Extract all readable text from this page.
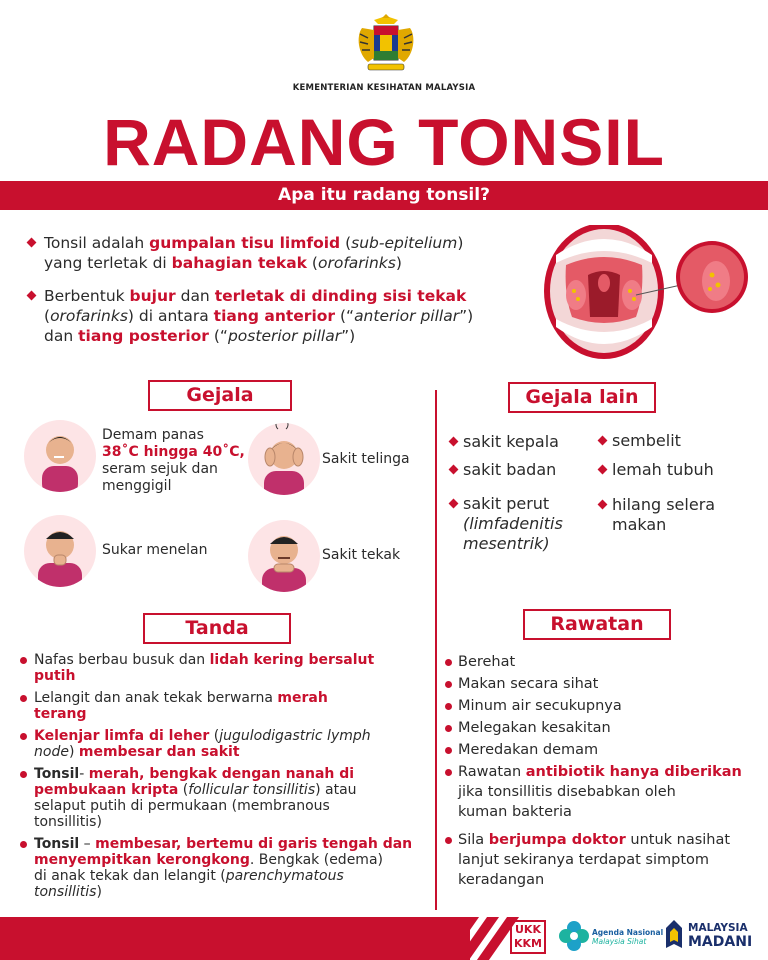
KEMENTERIAN KESIHATAN MALAYSIA
RADANG TONSIL
Apa itu radang tonsil?
Tonsil adalah gumpalan tisu limfoid (sub-epitelium)
yang terletak di bahagian tekak (orofarinks)
Berbentuk bujur dan terletak di dinding sisi tekak
(orofarinks) di antara tiang anterior (“anterior pillar”)
dan tiang posterior (“posterior pillar”)
Gejala	Gejala lain
Demam panas
38˚C hingga 40˚C,
seram sejuk dan
menggigil
Sakit telinga
Sukar menelan	Sakit tekak
sakit kepala
sakit badan
sakit perut
(limfadenitis
mesentrik)
sembelit
lemah tubuh
hilang selera
makan
Tanda
Nafas berbau busuk dan lidah kering bersalut
putih
Lelangit dan anak tekak berwarna merah
terang
Kelenjar limfa di leher (jugulodigastric lymph
node) membesar dan sakit
Tonsil- merah, bengkak dengan nanah di
pembukaan kripta (follicular tonsillitis) atau
selaput putih di permukaan (membranous
tonsillitis)
Tonsil – membesar, bertemu di garis tengah dan
menyempitkan kerongkong. Bengkak (edema)
di anak tekak dan lelangit (parenchymatous
tonsillitis)
Rawatan
Berehat
Makan secara sihat
Minum air secukupnya
Melegakan kesakitan
Meredakan demam
Rawatan antibiotik hanya diberikan
jika tonsillitis disebabkan oleh
kuman bakteria
Sila berjumpa doktor untuk nasihat
lanjut sekiranya terdapat simptom
keradangan
UKK
KKM
Agenda Nasional
Malaysia Sihat
MALAYSIA
MADANI
